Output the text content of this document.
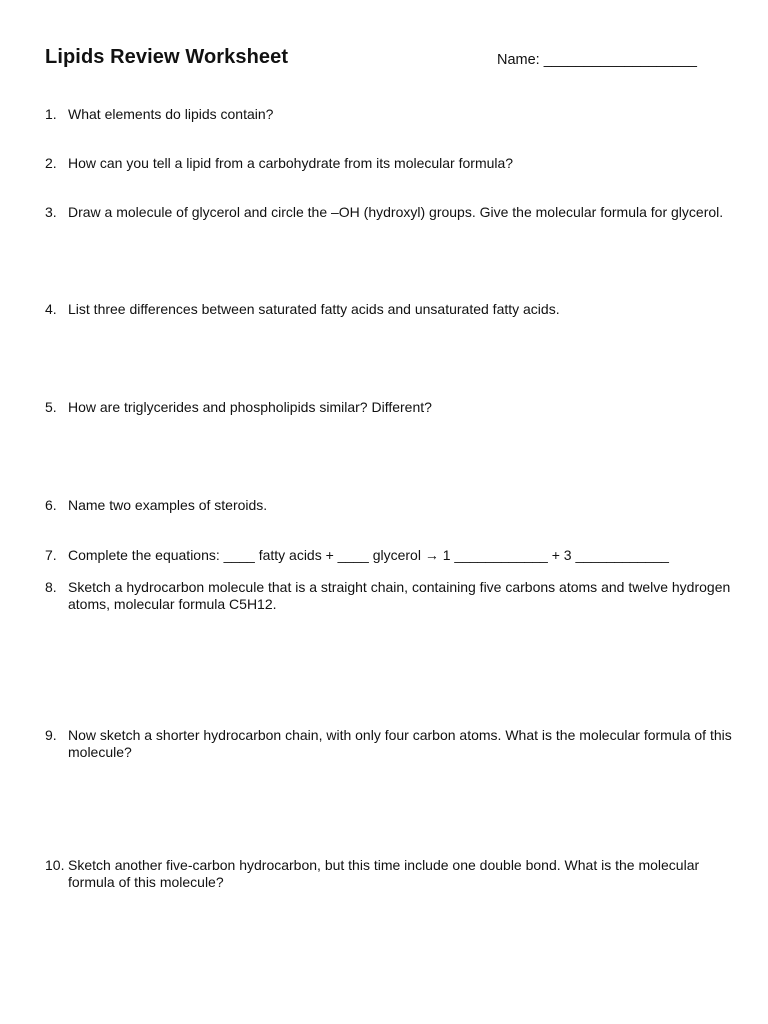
Lipids Review Worksheet	Name: ___________________
1. What elements do lipids contain?
2. How can you tell a lipid from a carbohydrate from its molecular formula?
3. Draw a molecule of glycerol and circle the –OH (hydroxyl) groups. Give the molecular formula for glycerol.
4. List three differences between saturated fatty acids and unsaturated fatty acids.
5. How are triglycerides and phospholipids similar? Different?
6. Name two examples of steroids.
7. Complete the equations: ____ fatty acids + ____ glycerol → 1 ____________ + 3 ____________
8. Sketch a hydrocarbon molecule that is a straight chain, containing five carbons atoms and twelve hydrogen atoms, molecular formula C5H12.
9. Now sketch a shorter hydrocarbon chain, with only four carbon atoms. What is the molecular formula of this molecule?
10. Sketch another five-carbon hydrocarbon, but this time include one double bond. What is the molecular formula of this molecule?
